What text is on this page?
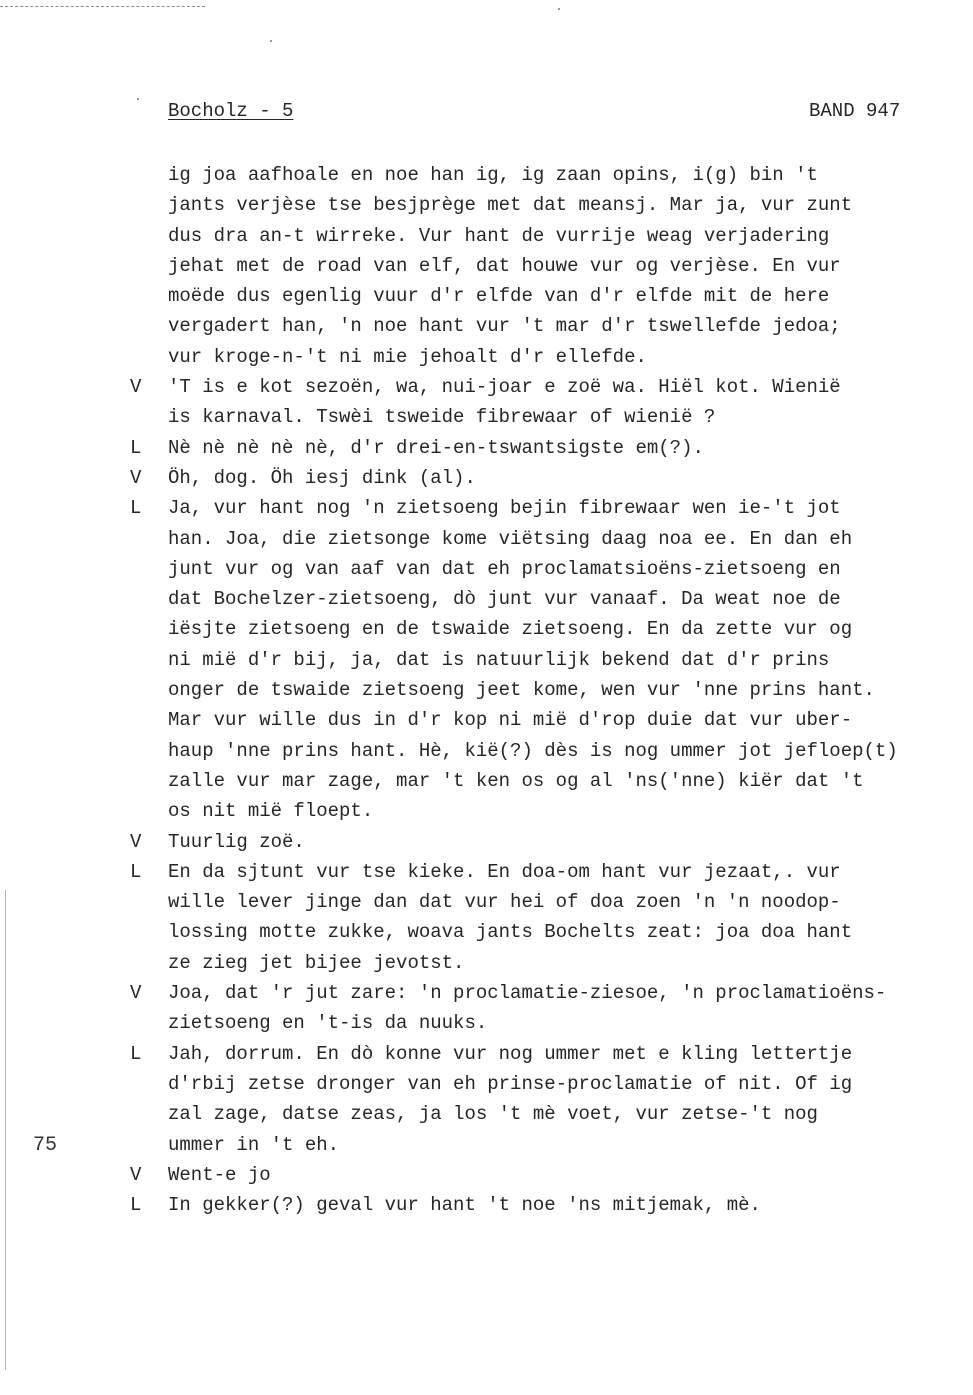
Bocholz - 5	BAND 947
ig joa aafhoale en noe han ig, ig zaan opins, i(g) bin 't
jants verjèse tse besjprège met dat meansj. Mar ja, vur zunt
dus dra an-t wirreke. Vur hant de vurrije weag verjadering
jehat met de road van elf, dat houwe vur og verjèse. En vur
moëde dus egenlig vuur d'r elfde van d'r elfde mit de here
vergadert han, 'n noe hant vur 't mar d'r tswellefde jedoa;
vur kroge-n-'t ni mie jehoalt d'r ellefde.
V 'T is e kot sezoën, wa, nui-joar e zoë wa. Hiël kot. Wienië
is karnaval. Tswèi tsweide fibrewaar of wienië ?
L Nè nè nè nè nè, d'r drei-en-tswantsigste em(?).
V Öh, dog. Öh iesj dink (al).
L Ja, vur hant nog 'n zietsoeng bejin fibrewaar wen ie-'t jot
han. Joa, die zietsonge kome viëtsing daag noa ee. En dan eh
junt vur og van aaf van dat eh proclamatsioëns-zietsoeng en
dat Bochelzer-zietsoeng, dò junt vur vanaaf. Da weat noe de
iësjte zietsoeng en de tswaide zietsoeng. En da zette vur og
ni mië d'r bij, ja, dat is natuurlijk bekend dat d'r prins
onger de tswaide zietsoeng jeet kome, wen vur 'nne prins hant.
Mar vur wille dus in d'r kop ni mië d'rop duie dat vur uber-
haup 'nne prins hant. Hè, kië(?) dès is nog ummer jot jefloep(t)
zalle vur mar zage, mar 't ken os og al 'ns('nne) kiër dat 't
os nit mië floept.
V Tuurlig zoë.
L En da sjtunt vur tse kieke. En doa-om hant vur jezaat,. vur
wille lever jinge dan dat vur hei of doa zoen 'n 'n noodop-
lossing motte zukke, woava jants Bochelts zeat: joa doa hant
ze zieg jet bijee jevotst.
V Joa, dat 'r jut zare: 'n proclamatie-ziesoe, 'n proclamatioëns-
zietsoeng en 't-is da nuuks.
L Jah, dorrum. En dò konne vur nog ummer met e kling lettertje
d'rbij zetse dronger van eh prinse-proclamatie of nit. Of ig
zal zage, datse zeas, ja los 't mè voet, vur zetse-'t nog
ummer in 't eh.
V Went-e jo
L In gekker(?) geval vur hant 't noe 'ns mitjemak, mè.
75
